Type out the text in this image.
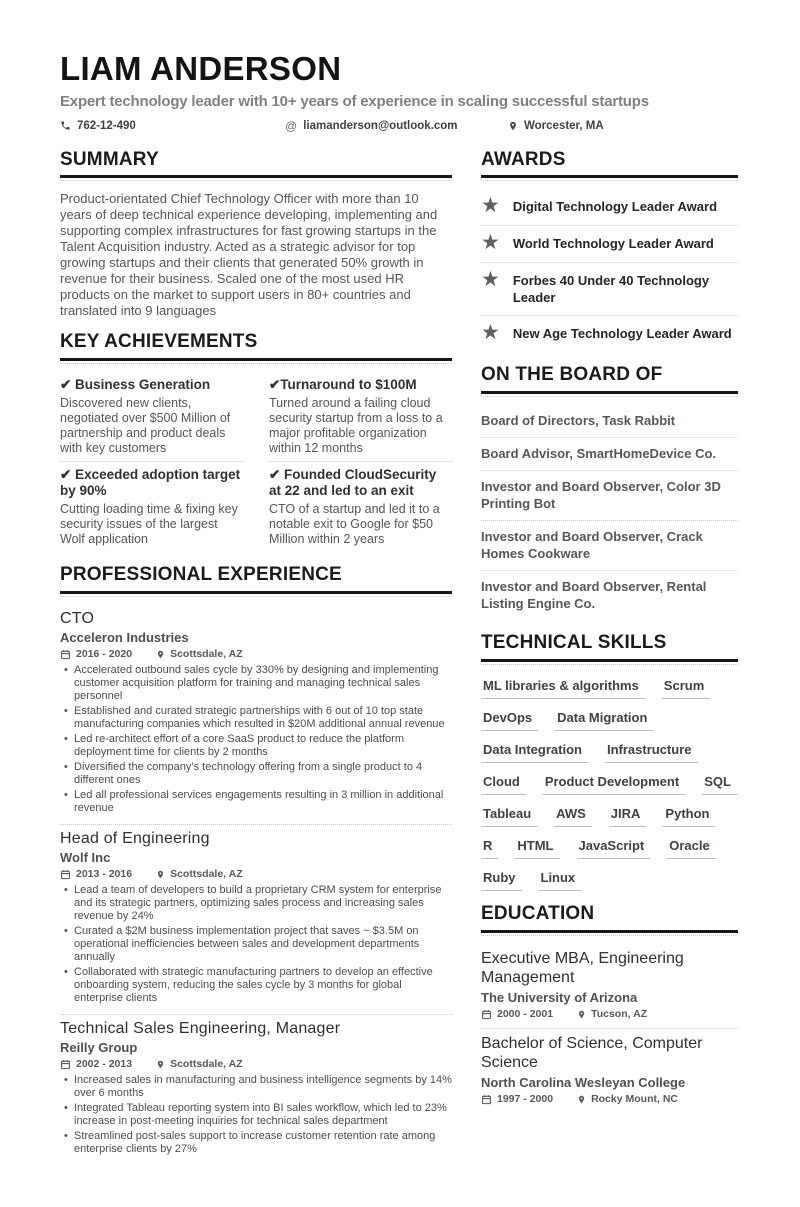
LIAM ANDERSON
Expert technology leader with 10+ years of experience in scaling successful startups
762-12-490	@ liamanderson@outlook.com	Worcester, MA
SUMMARY

Product-orientated Chief Technology Officer with more than 10 years of deep technical experience developing, implementing and supporting complex infrastructures for fast growing startups in the Talent Acquisition industry. Acted as a strategic advisor for top growing startups and their clients that generated 50% growth in revenue for their business. Scaled one of the most used HR products on the market to support users in 80+ countries and translated into 9 languages

KEY ACHIEVEMENTS
✔ Business Generation
Discovered new clients, negotiated over $500 Million of partnership and product deals with key customers
✔Turnaround to $100M
Turned around a failing cloud security startup from a loss to a major profitable organization within 12 months
✔ Exceeded adoption target by 90%
Cutting loading time & fixing key security issues of the largest Wolf application
✔ Founded CloudSecurity at 22 and led to an exit
CTO of a startup and led it to a notable exit to Google for $50 Million within 2 years
PROFESSIONAL EXPERIENCE
CTO
Acceleron Industries
2016 - 2020	Scottsdale, AZ
• Accelerated outbound sales cycle by 330% by designing and implementing customer acquisition platform for training and managing technical sales personnel
• Established and curated strategic partnerships with 6 out of 10 top state manufacturing companies which resulted in $20M additional annual revenue
• Led re-architect effort of a core SaaS product to reduce the platform deployment time for clients by 2 months
• Diversified the company’s technology offering from a single product to 4 different ones
• Led all professional services engagements resulting in 3 million in additional revenue
Head of Engineering
Wolf Inc
2013 - 2016	Scottsdale, AZ
• Lead a team of developers to build a proprietary CRM system for enterprise and its strategic partners, optimizing sales process and increasing sales revenue by 24%
• Curated a $2M business implementation project that saves ~ $3.5M on operational inefficiencies between sales and development departments annually
• Collaborated with strategic manufacturing partners to develop an effective onboarding system, reducing the sales cycle by 3 months for global enterprise clients
Technical Sales Engineering, Manager
Reilly Group
2002 - 2013	Scottsdale, AZ
• Increased sales in manufacturing and business intelligence segments by 14% over 6 months
• Integrated Tableau reporting system into BI sales workflow, which led to 23% increase in post-meeting inquiries for technical sales department
• Streamlined post-sales support to increase customer retention rate among enterprise clients by 27%
AWARDS
★ Digital Technology Leader Award
★ World Technology Leader Award
★ Forbes 40 Under 40 Technology Leader
★ New Age Technology Leader Award
ON THE BOARD OF
Board of Directors, Task Rabbit
Board Advisor, SmartHomeDevice Co.
Investor and Board Observer, Color 3D Printing Bot
Investor and Board Observer, Crack Homes Cookware
Investor and Board Observer, Rental Listing Engine Co.
TECHNICAL SKILLS
ML libraries & algorithms	Scrum
DevOps	Data Migration
Data Integration	Infrastructure
Cloud	Product Development	SQL
Tableau	AWS	JIRA	Python
R	HTML	JavaScript	Oracle
Ruby	Linux
EDUCATION
Executive MBA, Engineering Management
The University of Arizona
2000 - 2001	Tucson, AZ
Bachelor of Science, Computer Science
North Carolina Wesleyan College
1997 - 2000	Rocky Mount, NC
